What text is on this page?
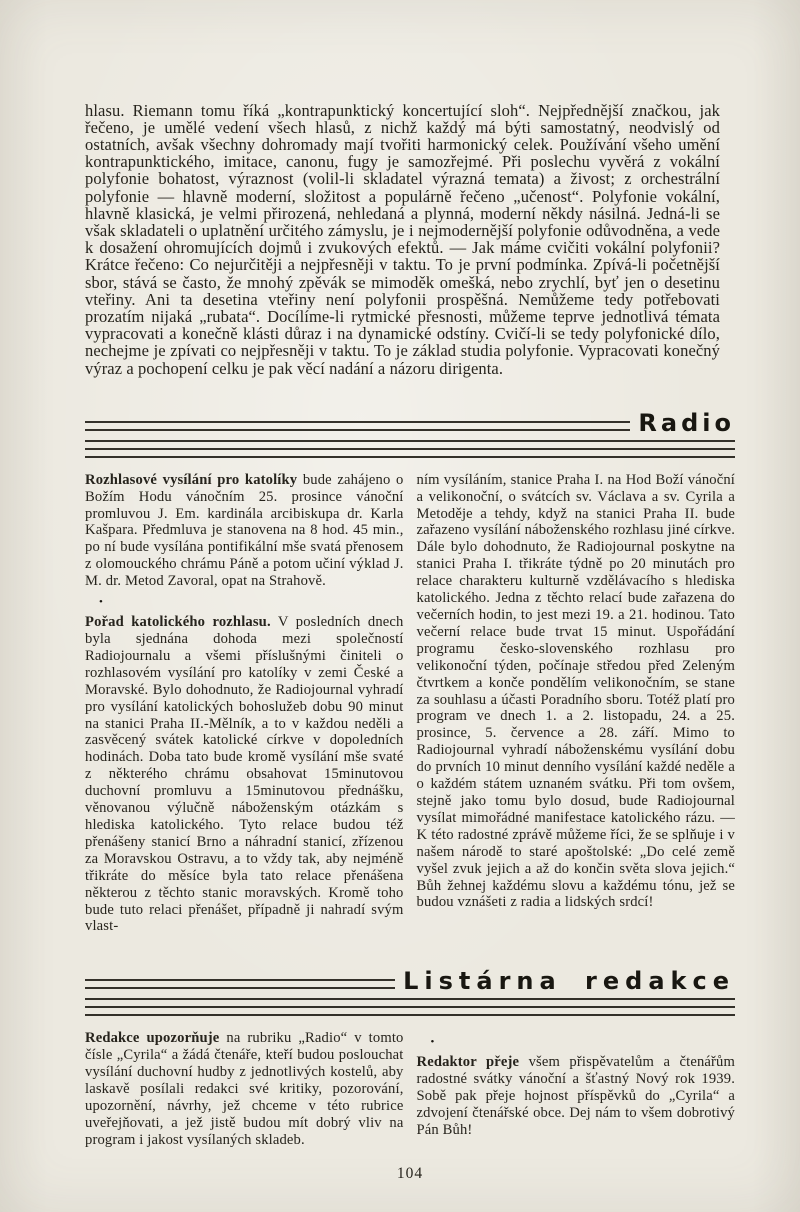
hlasu. Riemann tomu říká „kontrapunktický koncertující sloh“. Nejpřednější značkou, jak řečeno, je umělé vedení všech hlasů, z nichž každý má býti samostatný, neodvislý od ostatních, avšak všechny dohromady mají tvořiti harmonický celek. Používání všeho umění kontrapunktického, imitace, canonu, fugy je samozřejmé. Při poslechu vyvěrá z vokální polyfonie bohatost, výraznost (volil-li skladatel výrazná temata) a živost; z orchestrální polyfonie — hlavně moderní, složitost a populárně řečeno „učenost“. Polyfonie vokální, hlavně klasická, je velmi přirozená, nehledaná a plynná, moderní někdy násilná. Jedná-li se však skladateli o uplatnění určitého zámyslu, je i nejmodernější polyfonie odůvodněna, a vede k dosažení ohromujících dojmů i zvukových efektů. — Jak máme cvičiti vokální polyfonii? Krátce řečeno: Co nejurčitěji a nejpřesněji v taktu. To je první podmínka. Zpívá-li početnější sbor, stává se často, že mnohý zpěvák se mimoděk omešká, nebo zrychlí, byť jen o desetinu vteřiny. Ani ta desetina vteřiny není polyfonii prospěšná. Nemůžeme tedy potřebovati prozatím nijaká „rubata“. Docílíme-li rytmické přesnosti, můžeme teprve jednotlivá témata vypracovati a konečně klásti důraz i na dynamické odstíny. Cvičí-li se tedy polyfonické dílo, nechejme je zpívati co nejpřesněji v taktu. To je základ studia polyfonie. Vypracovati konečný výraz a pochopení celku je pak věcí nadání a názoru dirigenta.

Radio

Rozhlasové vysílání pro katolíky bude zahájeno o Božím Hodu vánočním 25. prosince vánoční promluvou J. Em. kardinála arcibiskupa dr. Karla Kašpara. Předmluva je stanovena na 8 hod. 45 min., po ní bude vysílána pontifikální mše svatá přenosem z olomouckého chrámu Páně a potom učiní výklad J. M. dr. Metod Zavoral, opat na Strahově.

•

Pořad katolického rozhlasu. V posledních dnech byla sjednána dohoda mezi společností Radiojournalu a všemi příslušnými činiteli o rozhlasovém vysílání pro katolíky v zemi České a Moravské. Bylo dohodnuto, že Radiojournal vyhradí pro vysílání katolických bohoslužeb dobu 90 minut na stanici Praha II.-Mělník, a to v každou neděli a zasvěcený svátek katolické církve v dopoledních hodinách. Doba tato bude kromě vysílání mše svaté z některého chrámu obsahovat 15minutovou duchovní promluvu a 15minutovou přednášku, věnovanou výlučně náboženským otázkám s hlediska katolického. Tyto relace budou též přenášeny stanicí Brno a náhradní stanicí, zřízenou za Moravskou Ostravu, a to vždy tak, aby nejméně třikráte do měsíce byla tato relace přenášena některou z těchto stanic moravských. Kromě toho bude tuto relaci přenášet, případně ji nahradí svým vlast-

ním vysíláním, stanice Praha I. na Hod Boží vánoční a velikonoční, o svátcích sv. Václava a sv. Cyrila a Metoděje a tehdy, když na stanici Praha II. bude zařazeno vysílání náboženského rozhlasu jiné církve. Dále bylo dohodnuto, že Radiojournal poskytne na stanici Praha I. třikráte týdně po 20 minutách pro relace charakteru kulturně vzdělávacího s hlediska katolického. Jedna z těchto relací bude zařazena do večerních hodin, to jest mezi 19. a 21. hodinou. Tato večerní relace bude trvat 15 minut. Uspořádání programu česko-slovenského rozhlasu pro velikonoční týden, počínaje středou před Zeleným čtvrtkem a konče pondělím velikonočním, se stane za souhlasu a účasti Poradního sboru. Totéž platí pro program ve dnech 1. a 2. listopadu, 24. a 25. prosince, 5. července a 28. září. Mimo to Radiojournal vyhradí náboženskému vysílání dobu do prvních 10 minut denního vysílání každé neděle a o každém státem uznaném svátku. Při tom ovšem, stejně jako tomu bylo dosud, bude Radiojournal vysílat mimořádné manifestace katolického rázu. — K této radostné zprávě můžeme říci, že se splňuje i v našem národě to staré apoštolské: „Do celé země vyšel zvuk jejich a až do končin světa slova jejich.“ Bůh žehnej každému slovu a každému tónu, jež se budou vznášeti z radia a lidských srdcí!

Listárna redakce

Redakce upozorňuje na rubriku „Radio“ v tomto čísle „Cyrila“ a žádá čtenáře, kteří budou poslouchat vysílání duchovní hudby z jednotlivých kostelů, aby laskavě posílali redakci své kritiky, pozorování, upozornění, návrhy, jež chceme v této rubrice uveřejňovati, a jež jistě budou mít dobrý vliv na program i jakost vysílaných skladeb.

•

Redaktor přeje všem přispěvatelům a čtenářům radostné svátky vánoční a šťastný Nový rok 1939. Sobě pak přeje hojnost příspěvků do „Cyrila“ a zdvojení čtenářské obce. Dej nám to všem dobrotivý Pán Bůh!

104
